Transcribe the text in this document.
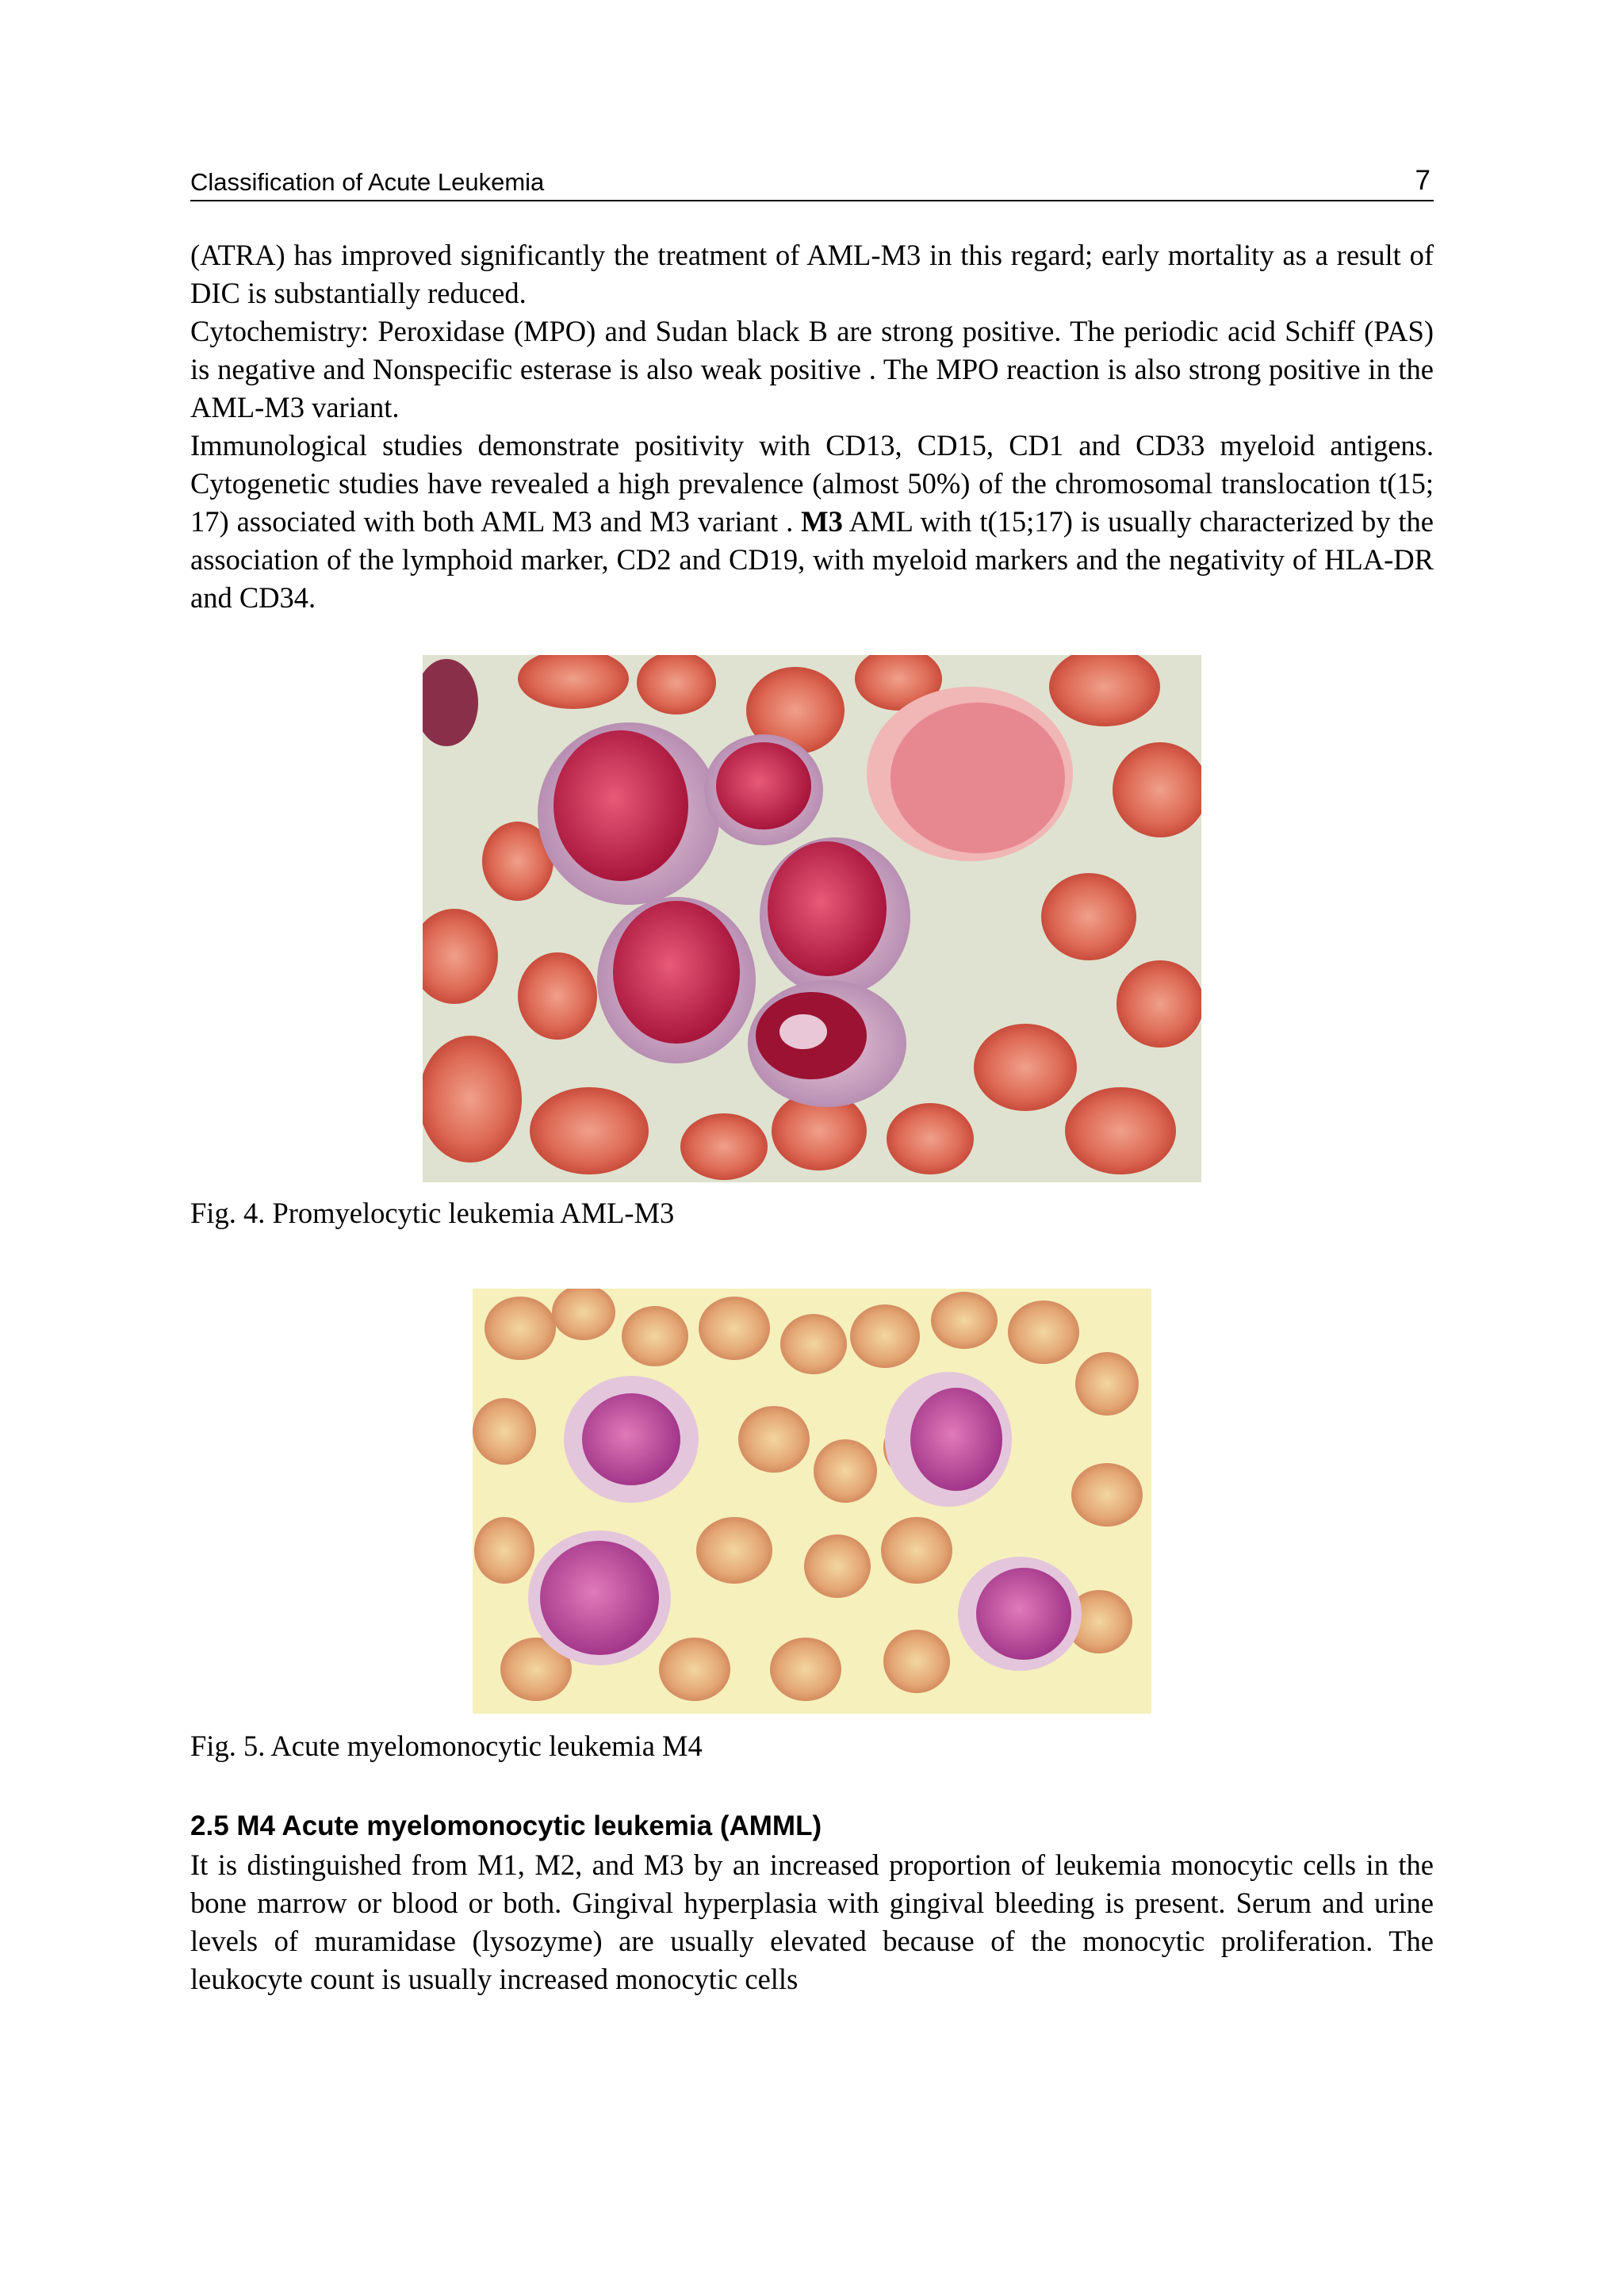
Classification of Acute Leukemia	7

(ATRA) has improved significantly the treatment of AML-M3 in this regard; early mortality as a result of DIC is substantially reduced.

Cytochemistry: Peroxidase (MPO) and Sudan black B are strong positive. The periodic acid Schiff (PAS) is negative and Nonspecific esterase is also weak positive . The MPO reaction is also strong positive in the AML-M3 variant.

Immunological studies demonstrate positivity with CD13, CD15, CD1 and CD33 myeloid antigens. Cytogenetic studies have revealed a high prevalence (almost 50%) of the chromosomal translocation t(15; 17) associated with both AML M3 and M3 variant . M3 AML with t(15;17) is usually characterized by the association of the lymphoid marker, CD2 and CD19, with myeloid markers and the negativity of HLA-DR and CD34.

Fig. 4. Promyelocytic leukemia AML-M3
Fig. 5. Acute myelomonocytic leukemia M4
2.5 M4 Acute myelomonocytic leukemia (AMML)

It is distinguished from M1, M2, and M3 by an increased proportion of leukemia monocytic cells in the bone marrow or blood or both. Gingival hyperplasia with gingival bleeding is present. Serum and urine levels of muramidase (lysozyme) are usually elevated because of the monocytic proliferation. The leukocyte count is usually increased monocytic cells
